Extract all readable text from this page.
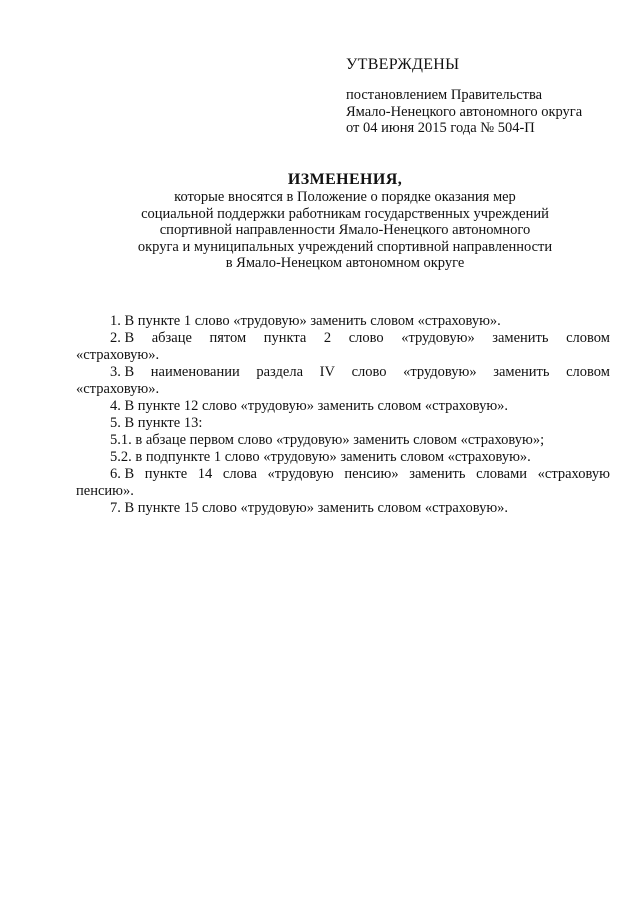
УТВЕРЖДЕНЫ
постановлением Правительства
Ямало-Ненецкого автономного округа
от 04 июня 2015 года № 504-П
ИЗМЕНЕНИЯ,
которые вносятся в Положение о порядке оказания мер
социальной поддержки работникам государственных учреждений
спортивной направленности Ямало-Ненецкого автономного
округа и муниципальных учреждений спортивной направленности
в Ямало-Ненецком автономном округе
1. В пункте 1 слово «трудовую» заменить словом «страховую».
2. В абзаце пятом пункта 2 слово «трудовую» заменить словом
«страховую».
3. В наименовании раздела IV слово «трудовую» заменить словом
«страховую».
4. В пункте 12 слово «трудовую» заменить словом «страховую».
5. В пункте 13:
5.1. в абзаце первом слово «трудовую» заменить словом «страховую»;
5.2. в подпункте 1 слово «трудовую» заменить словом «страховую».
6. В пункте 14 слова «трудовую пенсию» заменить словами «страховую
пенсию».
7. В пункте 15 слово «трудовую» заменить словом «страховую».
